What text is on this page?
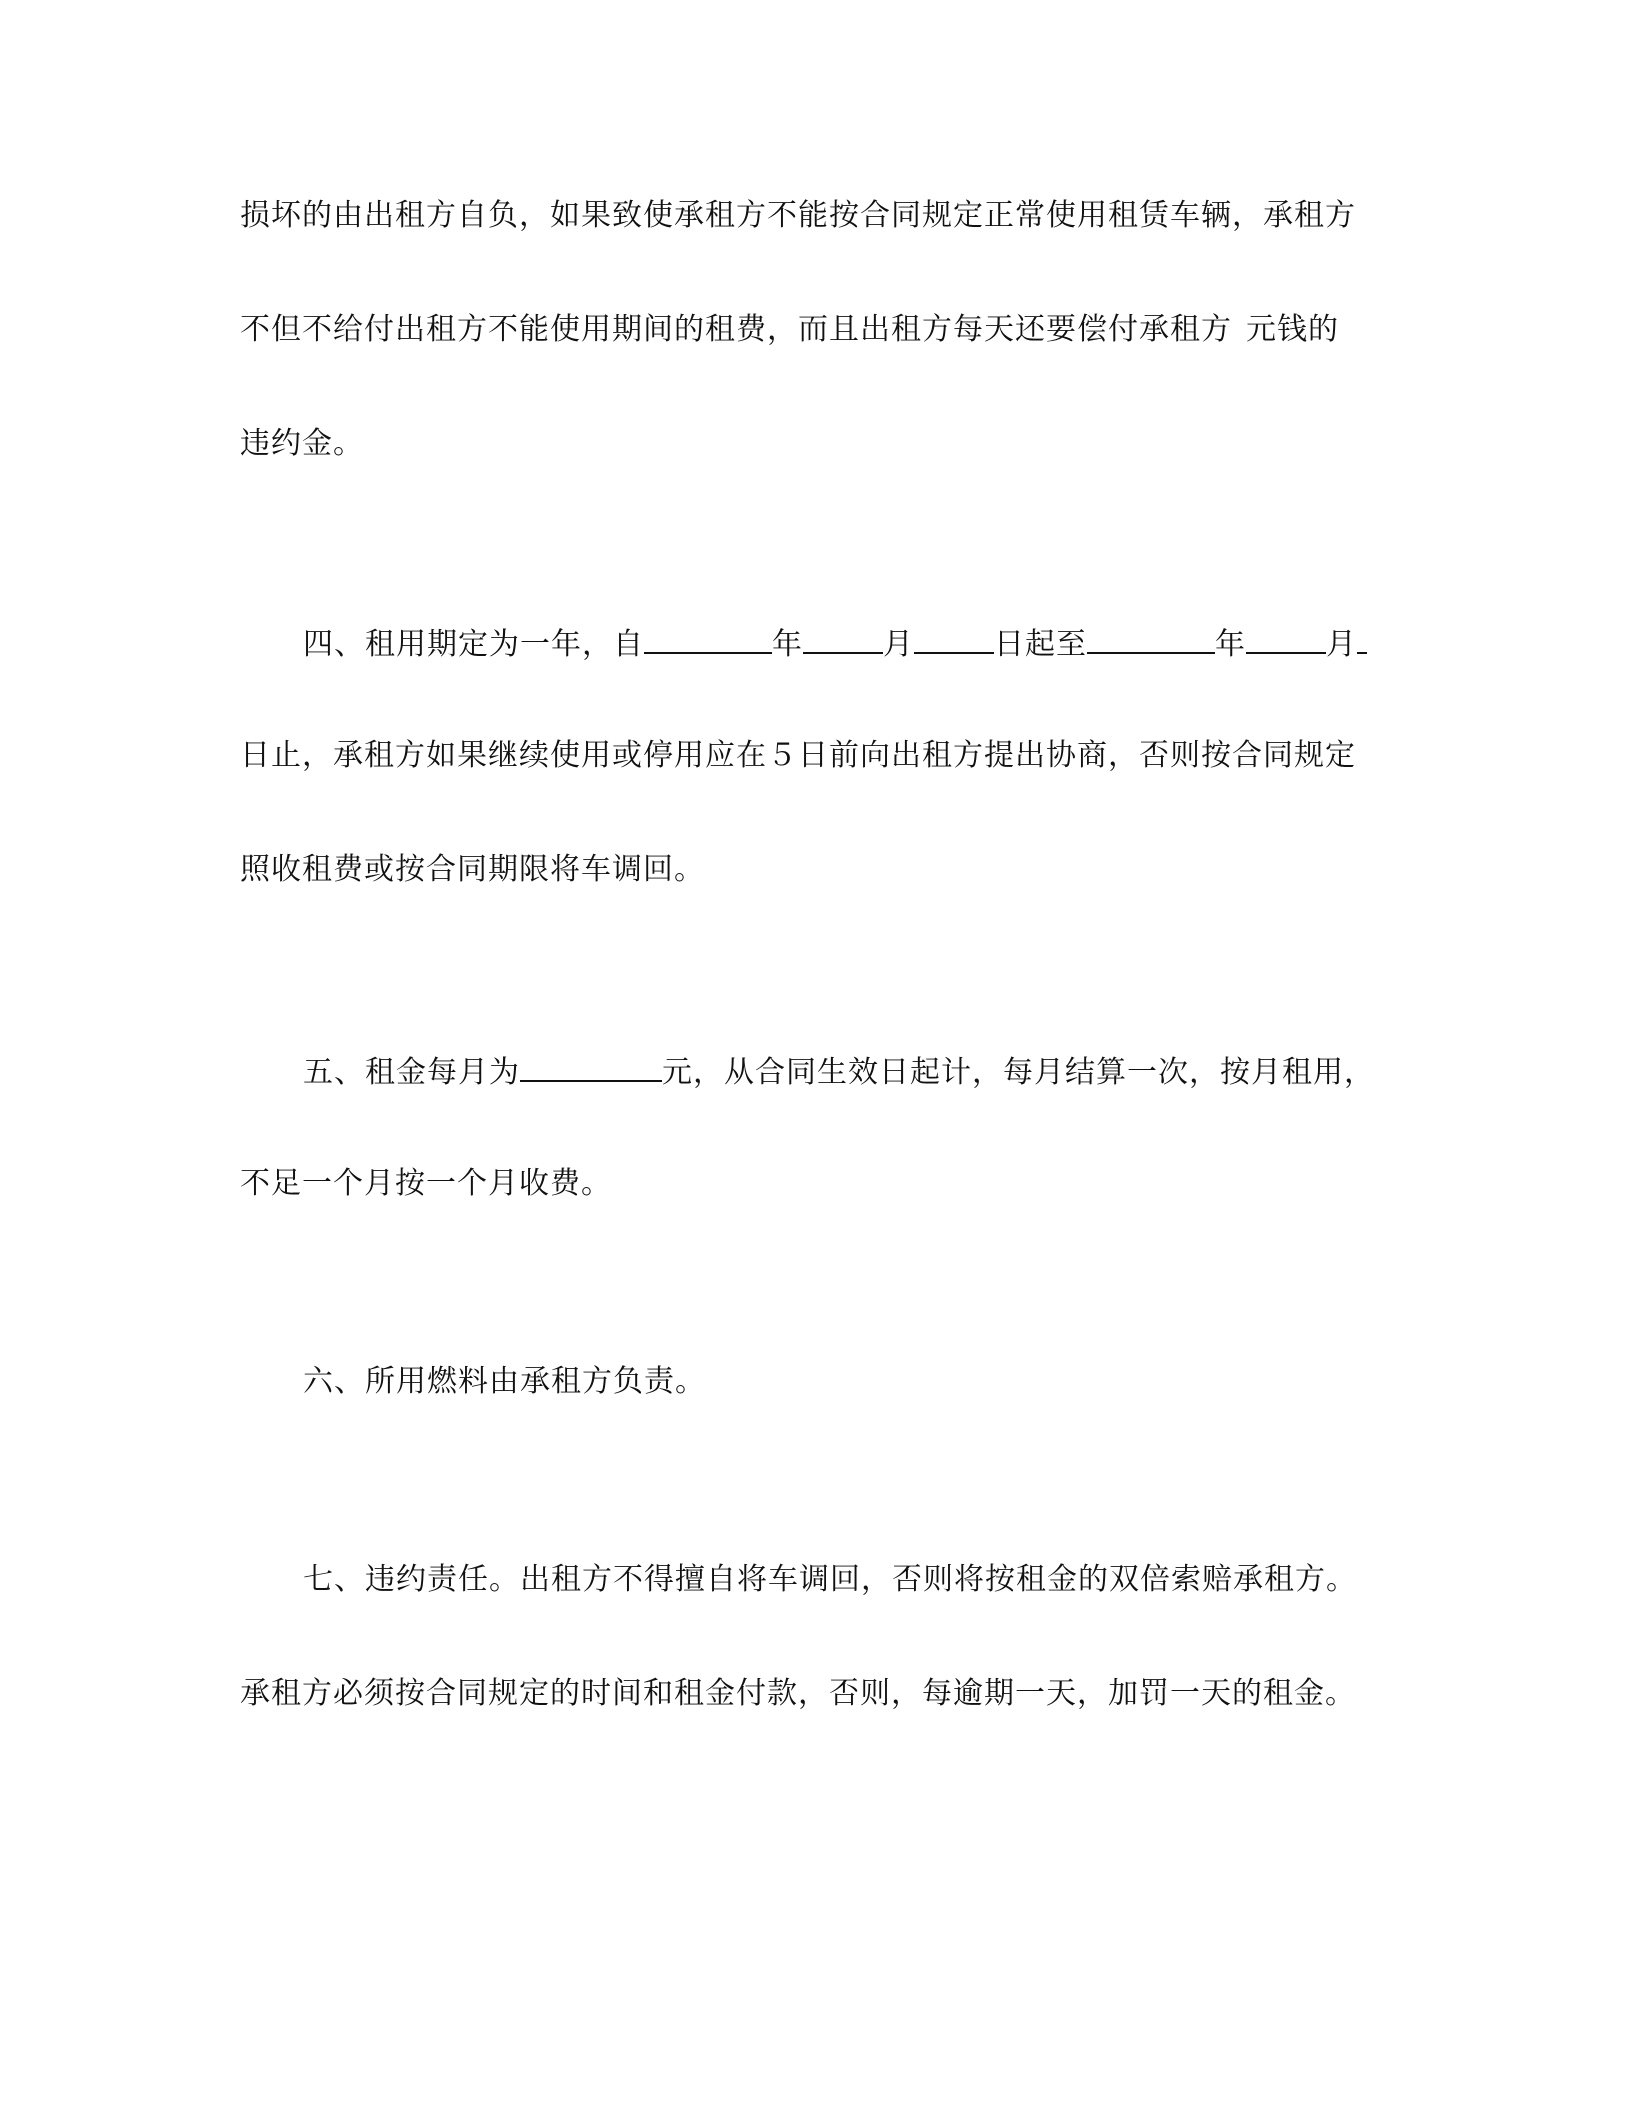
损坏的由出租方自负，如果致使承租方不能按合同规定正常使用租赁车辆，承租方
不但不给付出租方不能使用期间的租费，而且出租方每天还要偿付承租方 元钱的
违约金。
四、租用期定为一年，自	年	月	日起至	年	月
日止，承租方如果继续使用或停用应在５日前向出租方提出协商，否则按合同规定
照收租费或按合同期限将车调回。
五、租金每月为	元，从合同生效日起计，每月结算一次，按月租用，
不足一个月按一个月收费。
六、所用燃料由承租方负责。
七、违约责任。出租方不得擅自将车调回，否则将按租金的双倍索赔承租方。
承租方必须按合同规定的时间和租金付款，否则，每逾期一天，加罚一天的租金。
